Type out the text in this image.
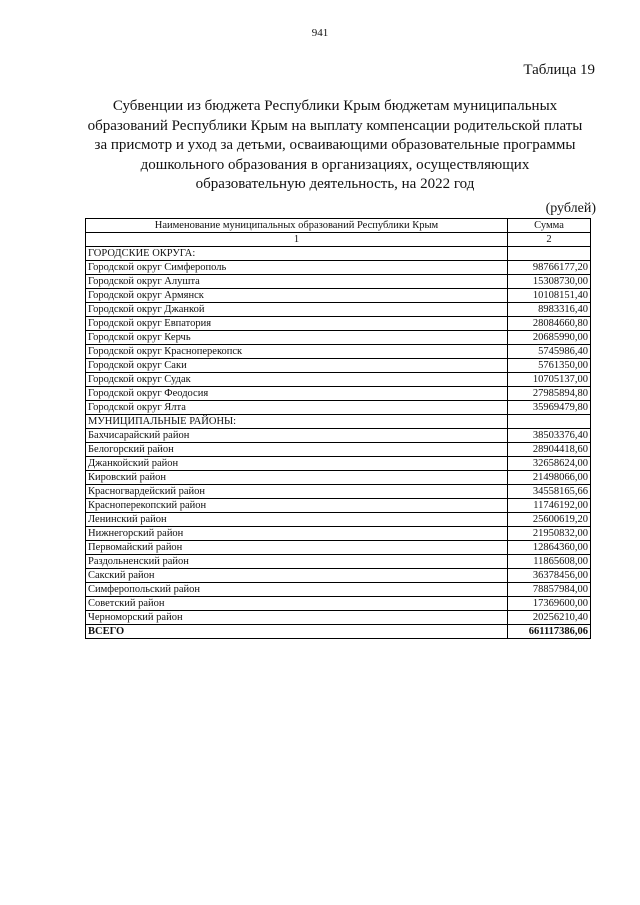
941
Таблица 19
Субвенции из бюджета Республики Крым бюджетам муниципальных
образований Республики Крым на выплату компенсации родительской платы
за присмотр и уход за детьми, осваивающими образовательные программы
дошкольного образования в организациях, осуществляющих
образовательную деятельность, на 2022 год
(рублей)
Наименование муниципальных образований Республики Крым	Сумма
1	2
ГОРОДСКИЕ ОКРУГА:	
Городской округ Симферополь	98766177,20
Городской округ Алушта	15308730,00
Городской округ Армянск	10108151,40
Городской округ Джанкой	8983316,40
Городской округ Евпатория	28084660,80
Городской округ Керчь	20685990,00
Городской округ Красноперекопск	5745986,40
Городской округ Саки	5761350,00
Городской округ Судак	10705137,00
Городской округ Феодосия	27985894,80
Городской округ Ялта	35969479,80
МУНИЦИПАЛЬНЫЕ РАЙОНЫ:	
Бахчисарайский район	38503376,40
Белогорский район	28904418,60
Джанкойский район	32658624,00
Кировский район	21498066,00
Красногвардейский район	34558165,66
Красноперекопский район	11746192,00
Ленинский район	25600619,20
Нижнегорский район	21950832,00
Первомайский район	12864360,00
Раздольненский район	11865608,00
Сакский район	36378456,00
Симферопольский район	78857984,00
Советский район	17369600,00
Черноморский район	20256210,40
ВСЕГО	661117386,06
